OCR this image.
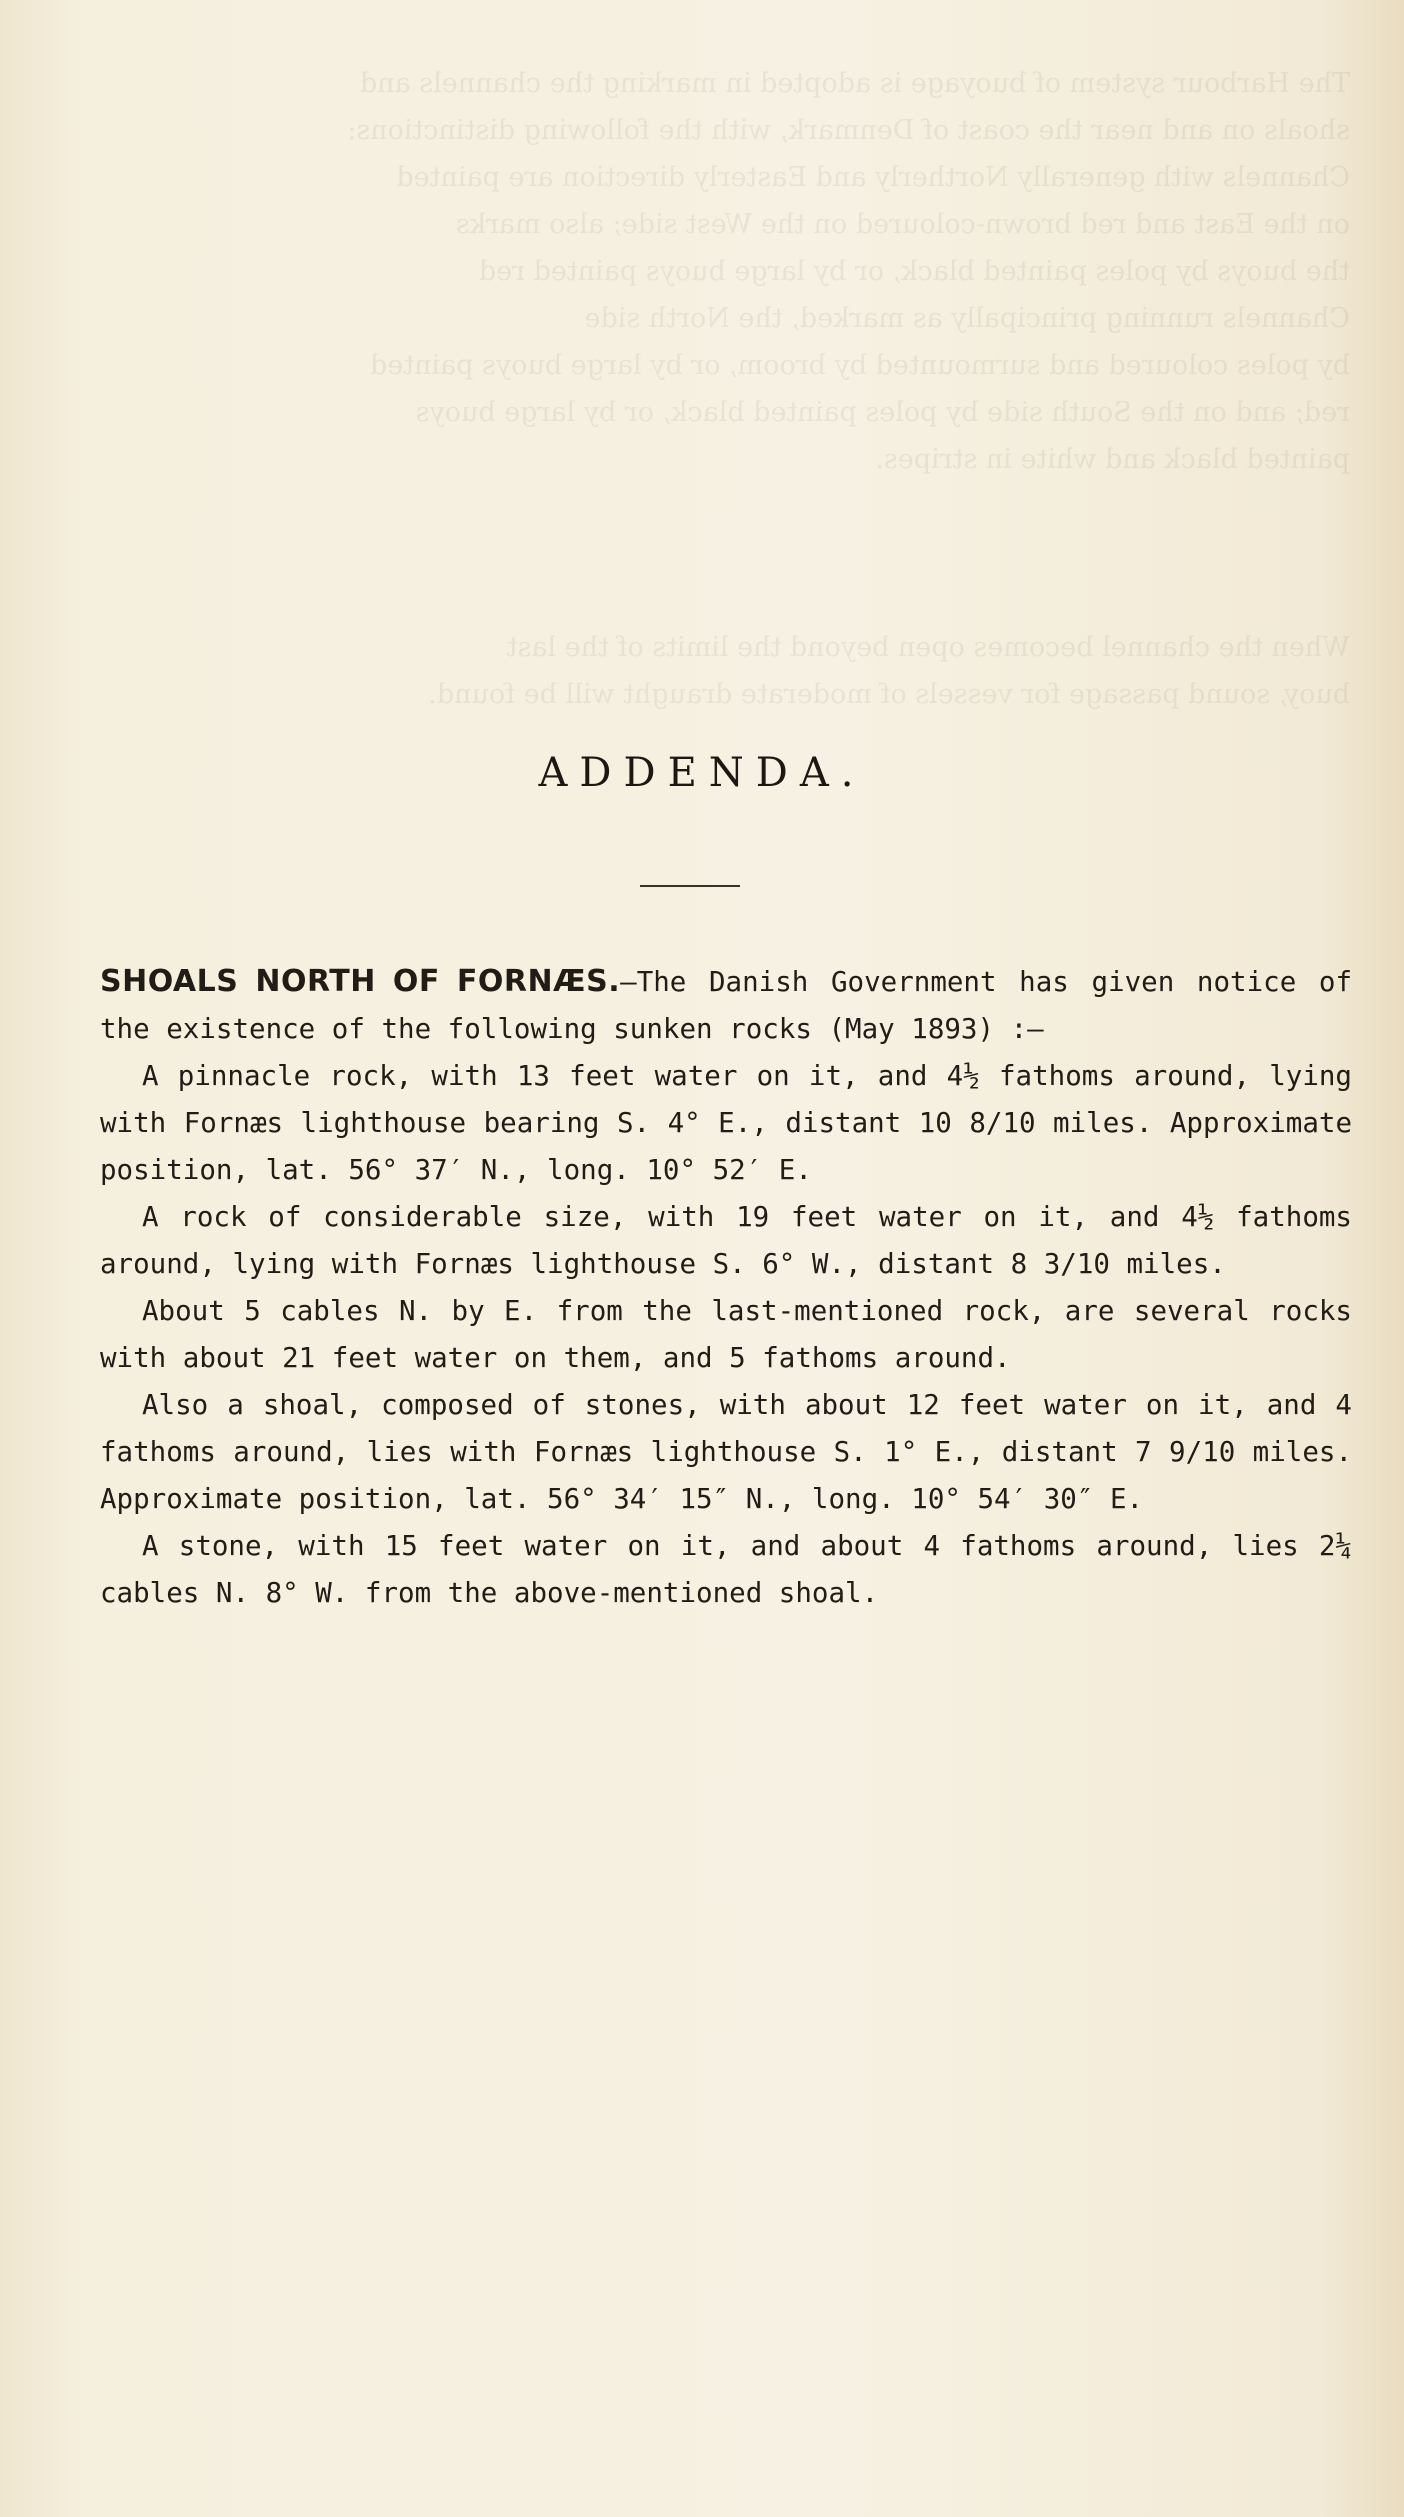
The Harbour system of buoyage is adopted in marking the channels and
shoals on and near the coast of Denmark, with the following distinctions:
Channels with generally Northerly and Easterly direction are painted
on the East and red brown-coloured on the West side; also marks
the buoys by poles painted black, or by large buoys painted red
Channels running principally as marked, the North side
by poles coloured and surmounted by broom, or by large buoys painted
red; and on the South side by poles painted black, or by large buoys
painted black and white in stripes.

When the channel becomes open beyond the limits of the last
buoy, sound passage for vessels of moderate draught will be found.
ADDENDA.

SHOALS NORTH OF FORNÆS.—The Danish Government has given notice of the existence of the following sunken rocks (May 1893) :—

A pinnacle rock, with 13 feet water on it, and 4½ fathoms around, lying with Fornæs lighthouse bearing S. 4° E., distant 10 8/10 miles. Approximate position, lat. 56° 37′ N., long. 10° 52′ E.

A rock of considerable size, with 19 feet water on it, and 4½ fathoms around, lying with Fornæs lighthouse S. 6° W., distant 8 3/10 miles.

About 5 cables N. by E. from the last-mentioned rock, are several rocks with about 21 feet water on them, and 5 fathoms around.

Also a shoal, composed of stones, with about 12 feet water on it, and 4 fathoms around, lies with Fornæs lighthouse S. 1° E., distant 7 9/10 miles. Approximate position, lat. 56° 34′ 15″ N., long. 10° 54′ 30″ E.

A stone, with 15 feet water on it, and about 4 fathoms around, lies 2¼ cables N. 8° W. from the above-mentioned shoal.
